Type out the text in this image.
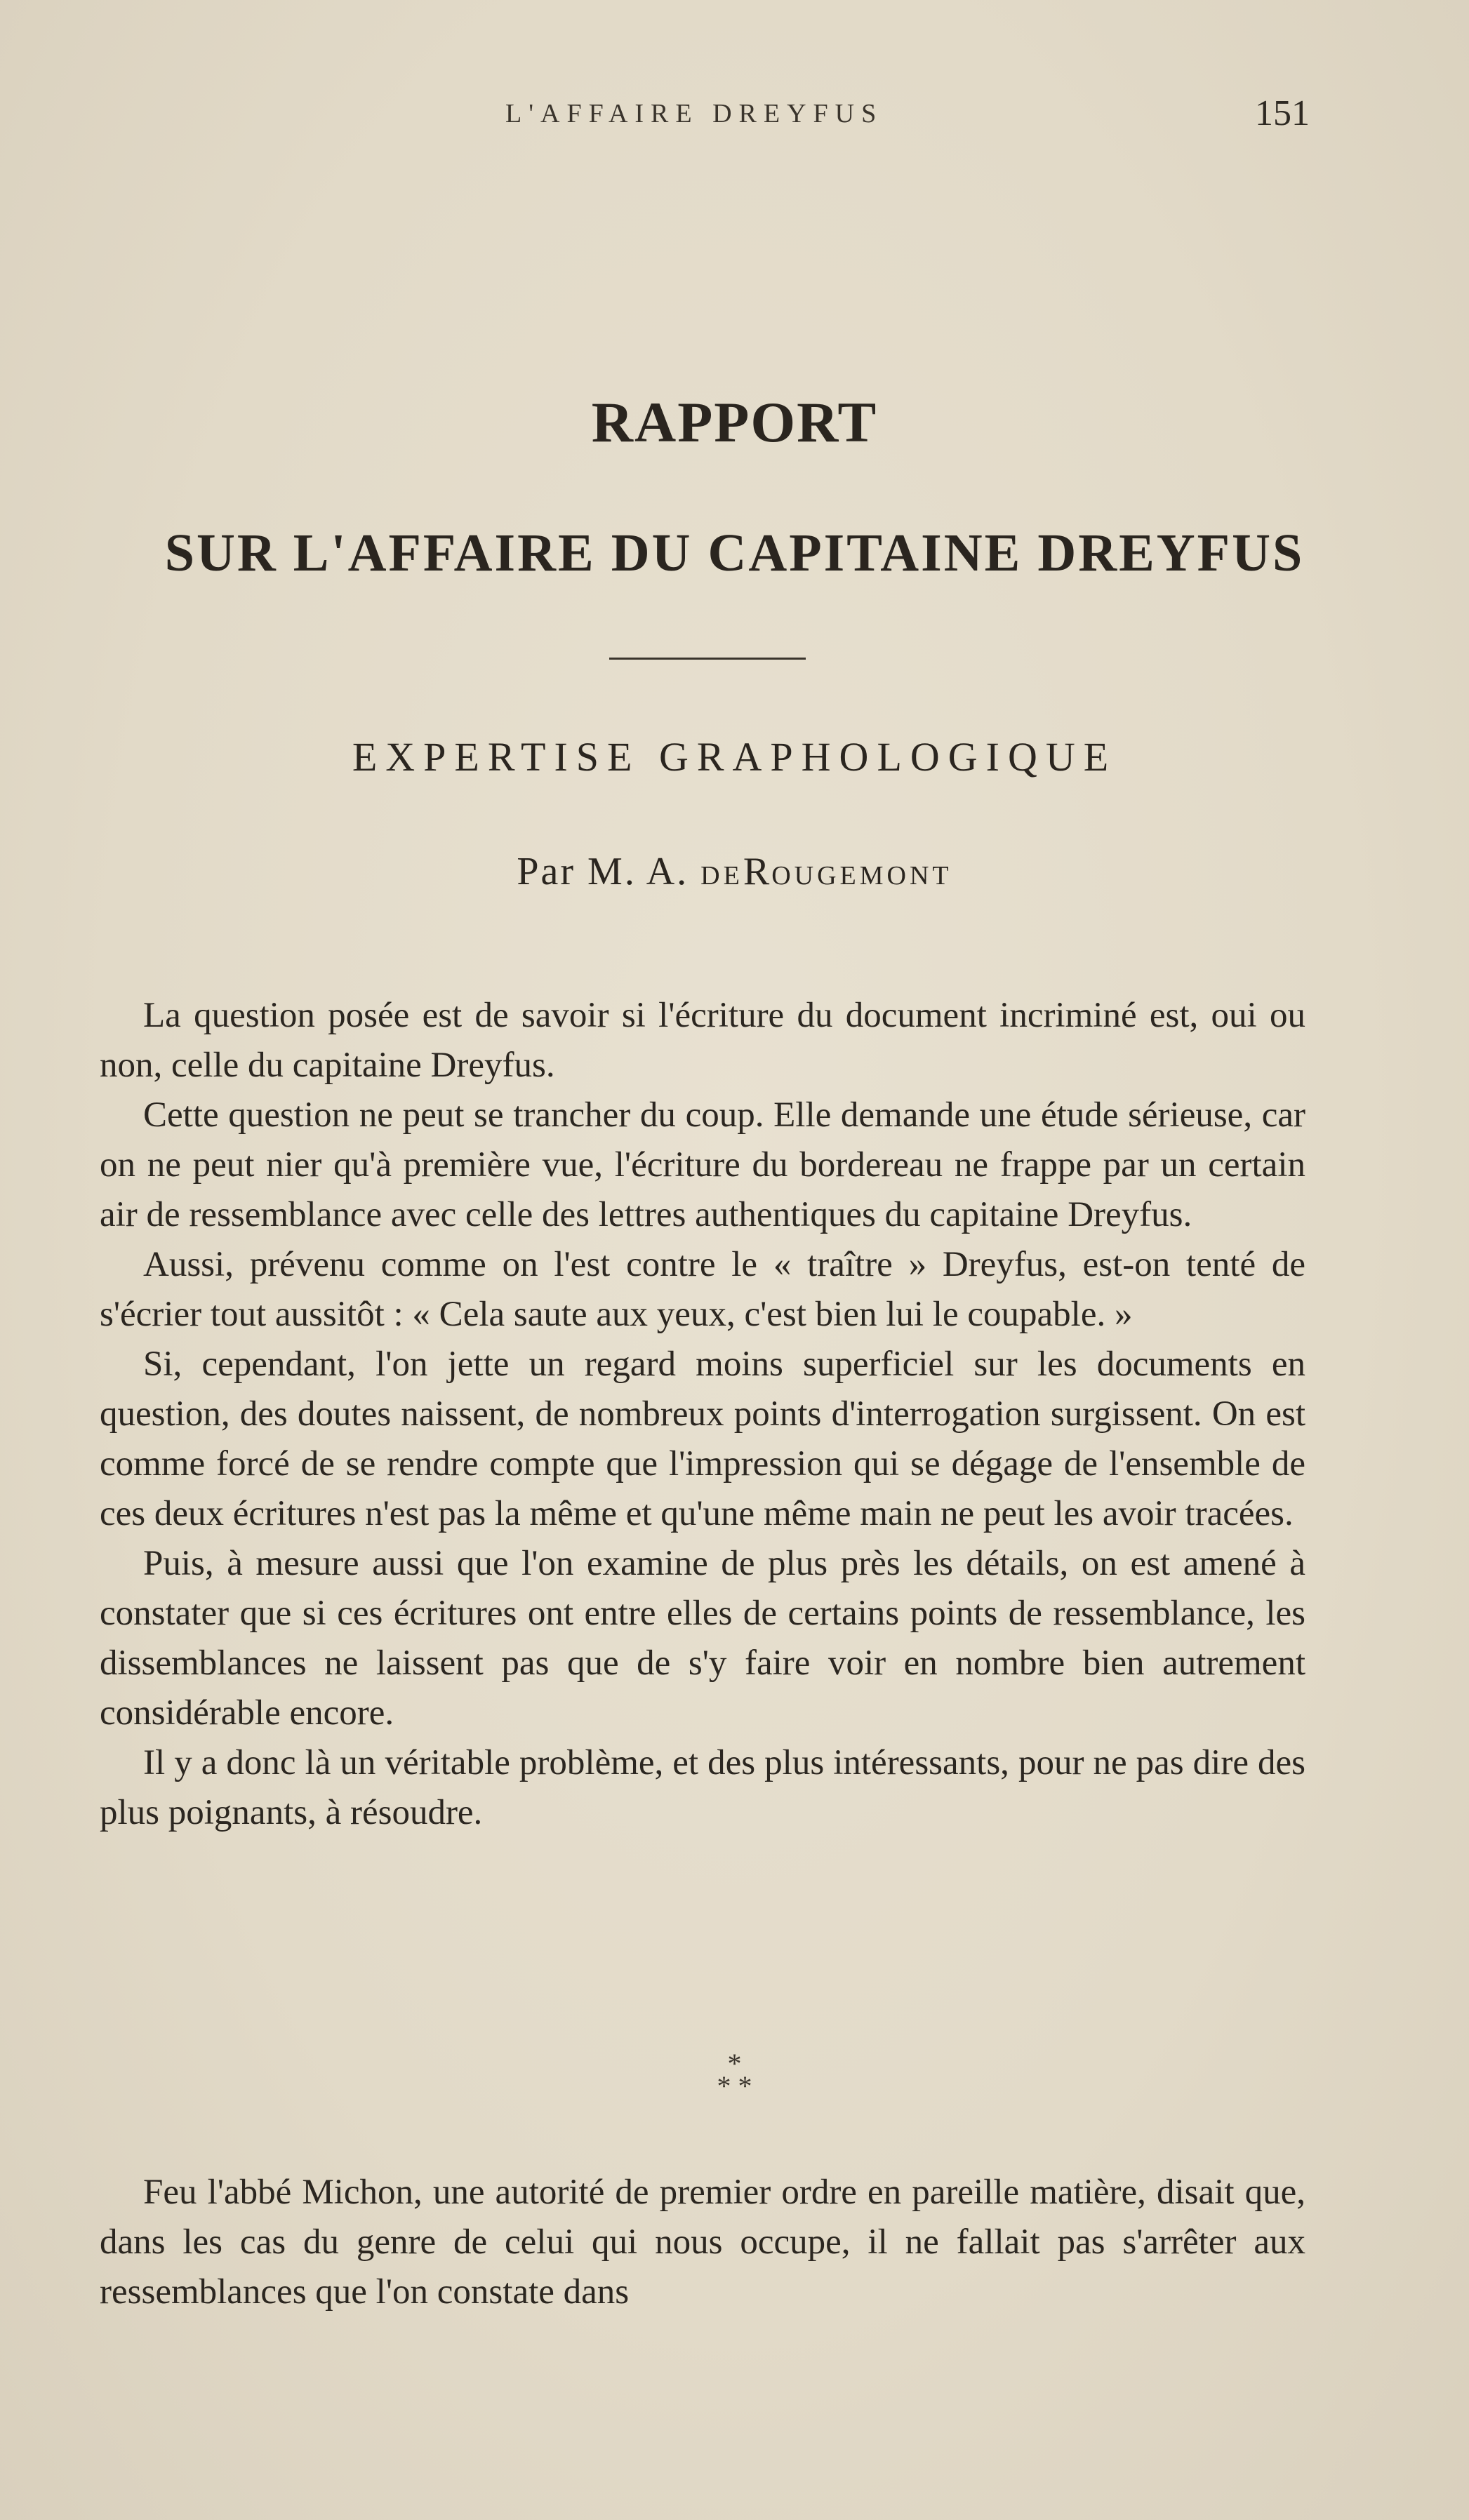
L'AFFAIRE DREYFUS	151
RAPPORT
SUR L'AFFAIRE DU CAPITAINE DREYFUS
EXPERTISE GRAPHOLOGIQUE
Par M. A. DEROUGEMONT

La question posée est de savoir si l'écriture du document incriminé est, oui ou non, celle du capitaine Dreyfus.

Cette question ne peut se trancher du coup. Elle demande une étude sérieuse, car on ne peut nier qu'à première vue, l'écriture du bordereau ne frappe par un certain air de ressemblance avec celle des lettres authentiques du capitaine Dreyfus.

Aussi, prévenu comme on l'est contre le « traître » Dreyfus, est-on tenté de s'écrier tout aussitôt : « Cela saute aux yeux, c'est bien lui le coupable. »

Si, cependant, l'on jette un regard moins superficiel sur les documents en question, des doutes naissent, de nombreux points d'interrogation surgissent. On est comme forcé de se rendre compte que l'impression qui se dégage de l'ensemble de ces deux écritures n'est pas la même et qu'une même main ne peut les avoir tracées.

Puis, à mesure aussi que l'on examine de plus près les détails, on est amené à constater que si ces écritures ont entre elles de certains points de ressemblance, les dissemblances ne laissent pas que de s'y faire voir en nombre bien autrement considérable encore.

Il y a donc là un véritable problème, et des plus intéressants, pour ne pas dire des plus poignants, à résoudre.

*
* *

Feu l'abbé Michon, une autorité de premier ordre en pareille matière, disait que, dans les cas du genre de celui qui nous occupe, il ne fallait pas s'arrêter aux ressemblances que l'on constate dans
